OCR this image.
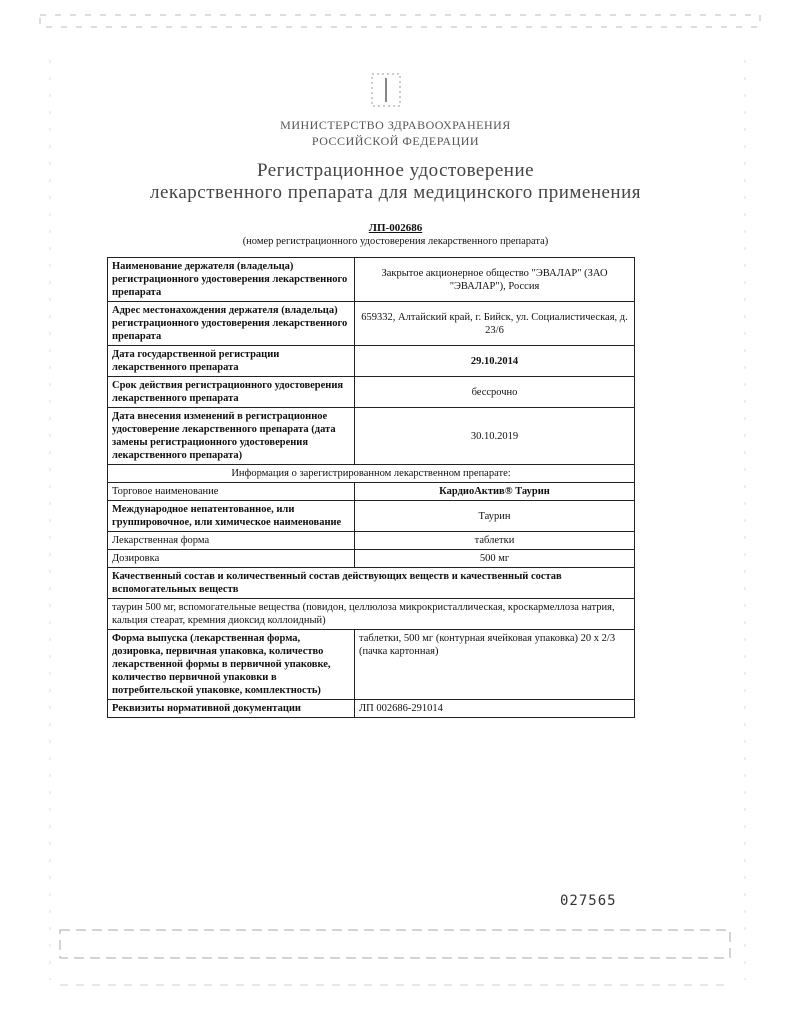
МИНИСТЕРСТВО ЗДРАВООХРАНЕНИЯ
РОССИЙСКОЙ ФЕДЕРАЦИИ
Регистрационное удостоверение
лекарственного препарата для медицинского применения
ЛП-002686
(номер регистрационного удостоверения лекарственного препарата)
Наименование держателя (владельца) регистрационного удостоверения лекарственного препарата	Закрытое акционерное общество "ЭВАЛАР" (ЗАО "ЭВАЛАР"), Россия
Адрес местонахождения держателя (владельца) регистрационного удостоверения лекарственного препарата	659332, Алтайский край, г. Бийск, ул. Социалистическая, д. 23/6
Дата государственной регистрации лекарственного препарата	29.10.2014
Срок действия регистрационного удостоверения лекарственного препарата	бессрочно
Дата внесения изменений в регистрационное удостоверение лекарственного препарата (дата замены регистрационного удостоверения лекарственного препарата)	30.10.2019
Информация о зарегистрированном лекарственном препарате:	
Торговое наименование	КардиоАктив® Таурин
Международное непатентованное, или группировочное, или химическое наименование	Таурин
Лекарственная форма	таблетки
Дозировка	500 мг
Качественный состав и количественный состав действующих веществ и качественный состав вспомогательных веществ	
таурин 500 мг, вспомогательные вещества (повидон, целлюлоза микрокристаллическая, кроскармеллоза натрия, кальция стеарат, кремния диоксид коллоидный)	
Форма выпуска (лекарственная форма, дозировка, первичная упаковка, количество лекарственной формы в первичной упаковке, количество первичной упаковки в потребительской упаковке, комплектность)	таблетки, 500 мг (контурная ячейковая упаковка) 20 х 2/3 (пачка картонная)
Реквизиты нормативной документации	ЛП 002686-291014
027565
